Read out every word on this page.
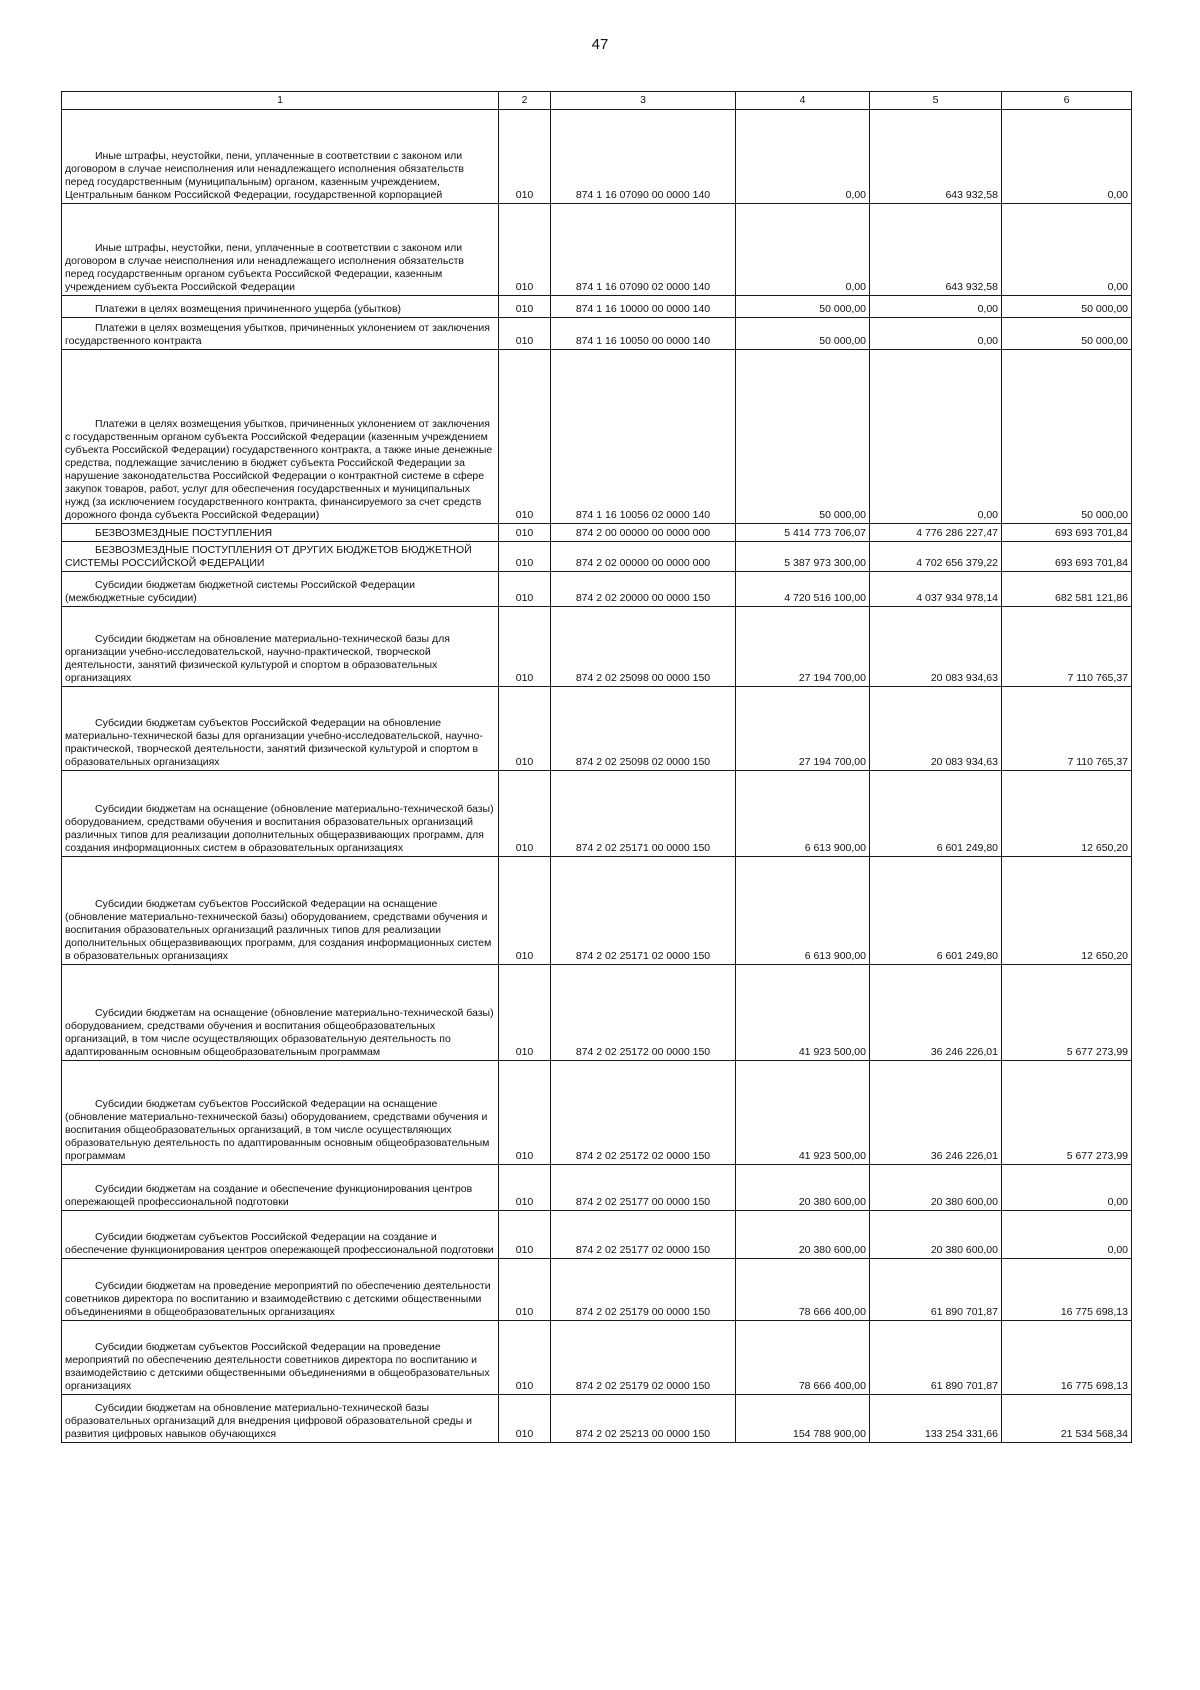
47
1	2	3	4	5	6

Иные штрафы, неустойки, пени, уплаченные в соответствии с законом или договором в случае неисполнения или ненадлежащего исполнения обязательств перед государственным (муниципальным) органом, казенным учреждением, Центральным банком Российской Федерации, государственной корпорацией	010	874 1 16 07090 00 0000 140	0,00	643 932,58	0,00

Иные штрафы, неустойки, пени, уплаченные в соответствии с законом или договором в случае неисполнения или ненадлежащего исполнения обязательств перед государственным органом субъекта Российской Федерации, казенным учреждением субъекта Российской Федерации	010	874 1 16 07090 02 0000 140	0,00	643 932,58	0,00

Платежи в целях возмещения причиненного ущерба (убытков)	010	874 1 16 10000 00 0000 140	50 000,00	0,00	50 000,00

Платежи в целях возмещения убытков, причиненных уклонением от заключения государственного контракта	010	874 1 16 10050 00 0000 140	50 000,00	0,00	50 000,00

Платежи в целях возмещения убытков, причиненных уклонением от заключения с государственным органом субъекта Российской Федерации (казенным учреждением субъекта Российской Федерации) государственного контракта, а также иные денежные средства, подлежащие зачислению в бюджет субъекта Российской Федерации за нарушение законодательства Российской Федерации о контрактной системе в сфере закупок товаров, работ, услуг для обеспечения государственных и муниципальных нужд (за исключением государственного контракта, финансируемого за счет средств дорожного фонда субъекта Российской Федерации)	010	874 1 16 10056 02 0000 140	50 000,00	0,00	50 000,00

БЕЗВОЗМЕЗДНЫЕ ПОСТУПЛЕНИЯ	010	874 2 00 00000 00 0000 000	5 414 773 706,07	4 776 286 227,47	693 693 701,84

БЕЗВОЗМЕЗДНЫЕ ПОСТУПЛЕНИЯ ОТ ДРУГИХ БЮДЖЕТОВ БЮДЖЕТНОЙ СИСТЕМЫ РОССИЙСКОЙ ФЕДЕРАЦИИ	010	874 2 02 00000 00 0000 000	5 387 973 300,00	4 702 656 379,22	693 693 701,84

Субсидии бюджетам бюджетной системы Российской Федерации (межбюджетные субсидии)	010	874 2 02 20000 00 0000 150	4 720 516 100,00	4 037 934 978,14	682 581 121,86

Субсидии бюджетам на обновление материально-технической базы для организации учебно-исследовательской, научно-практической, творческой деятельности, занятий физической культурой и спортом в образовательных организациях	010	874 2 02 25098 00 0000 150	27 194 700,00	20 083 934,63	7 110 765,37

Субсидии бюджетам субъектов Российской Федерации на обновление материально-технической базы для организации учебно-исследовательской, научно-практической, творческой деятельности, занятий физической культурой и спортом в образовательных организациях	010	874 2 02 25098 02 0000 150	27 194 700,00	20 083 934,63	7 110 765,37

Субсидии бюджетам на оснащение (обновление материально-технической базы) оборудованием, средствами обучения и воспитания образовательных организаций различных типов для реализации дополнительных общеразвивающих программ, для создания информационных систем в образовательных организациях	010	874 2 02 25171 00 0000 150	6 613 900,00	6 601 249,80	12 650,20

Субсидии бюджетам субъектов Российской Федерации на оснащение (обновление материально-технической базы) оборудованием, средствами обучения и воспитания образовательных организаций различных типов для реализации дополнительных общеразвивающих программ, для создания информационных систем в образовательных организациях	010	874 2 02 25171 02 0000 150	6 613 900,00	6 601 249,80	12 650,20

Субсидии бюджетам на оснащение (обновление материально-технической базы) оборудованием, средствами обучения и воспитания общеобразовательных организаций, в том числе осуществляющих образовательную деятельность по адаптированным основным общеобразовательным программам	010	874 2 02 25172 00 0000 150	41 923 500,00	36 246 226,01	5 677 273,99

Субсидии бюджетам субъектов Российской Федерации на оснащение (обновление материально-технической базы) оборудованием, средствами обучения и воспитания общеобразовательных организаций, в том числе осуществляющих образовательную деятельность по адаптированным основным общеобразовательным программам	010	874 2 02 25172 02 0000 150	41 923 500,00	36 246 226,01	5 677 273,99

Субсидии бюджетам на создание и обеспечение функционирования центров опережающей профессиональной подготовки	010	874 2 02 25177 00 0000 150	20 380 600,00	20 380 600,00	0,00

Субсидии бюджетам субъектов Российской Федерации на создание и обеспечение функционирования центров опережающей профессиональной подготовки	010	874 2 02 25177 02 0000 150	20 380 600,00	20 380 600,00	0,00

Субсидии бюджетам на проведение мероприятий по обеспечению деятельности советников директора по воспитанию и взаимодействию с детскими общественными объединениями в общеобразовательных организациях	010	874 2 02 25179 00 0000 150	78 666 400,00	61 890 701,87	16 775 698,13

Субсидии бюджетам субъектов Российской Федерации на проведение мероприятий по обеспечению деятельности советников директора по воспитанию и взаимодействию с детскими общественными объединениями в общеобразовательных организациях	010	874 2 02 25179 02 0000 150	78 666 400,00	61 890 701,87	16 775 698,13

Субсидии бюджетам на обновление материально-технической базы образовательных организаций для внедрения цифровой образовательной среды и развития цифровых навыков обучающихся	010	874 2 02 25213 00 0000 150	154 788 900,00	133 254 331,66	21 534 568,34
